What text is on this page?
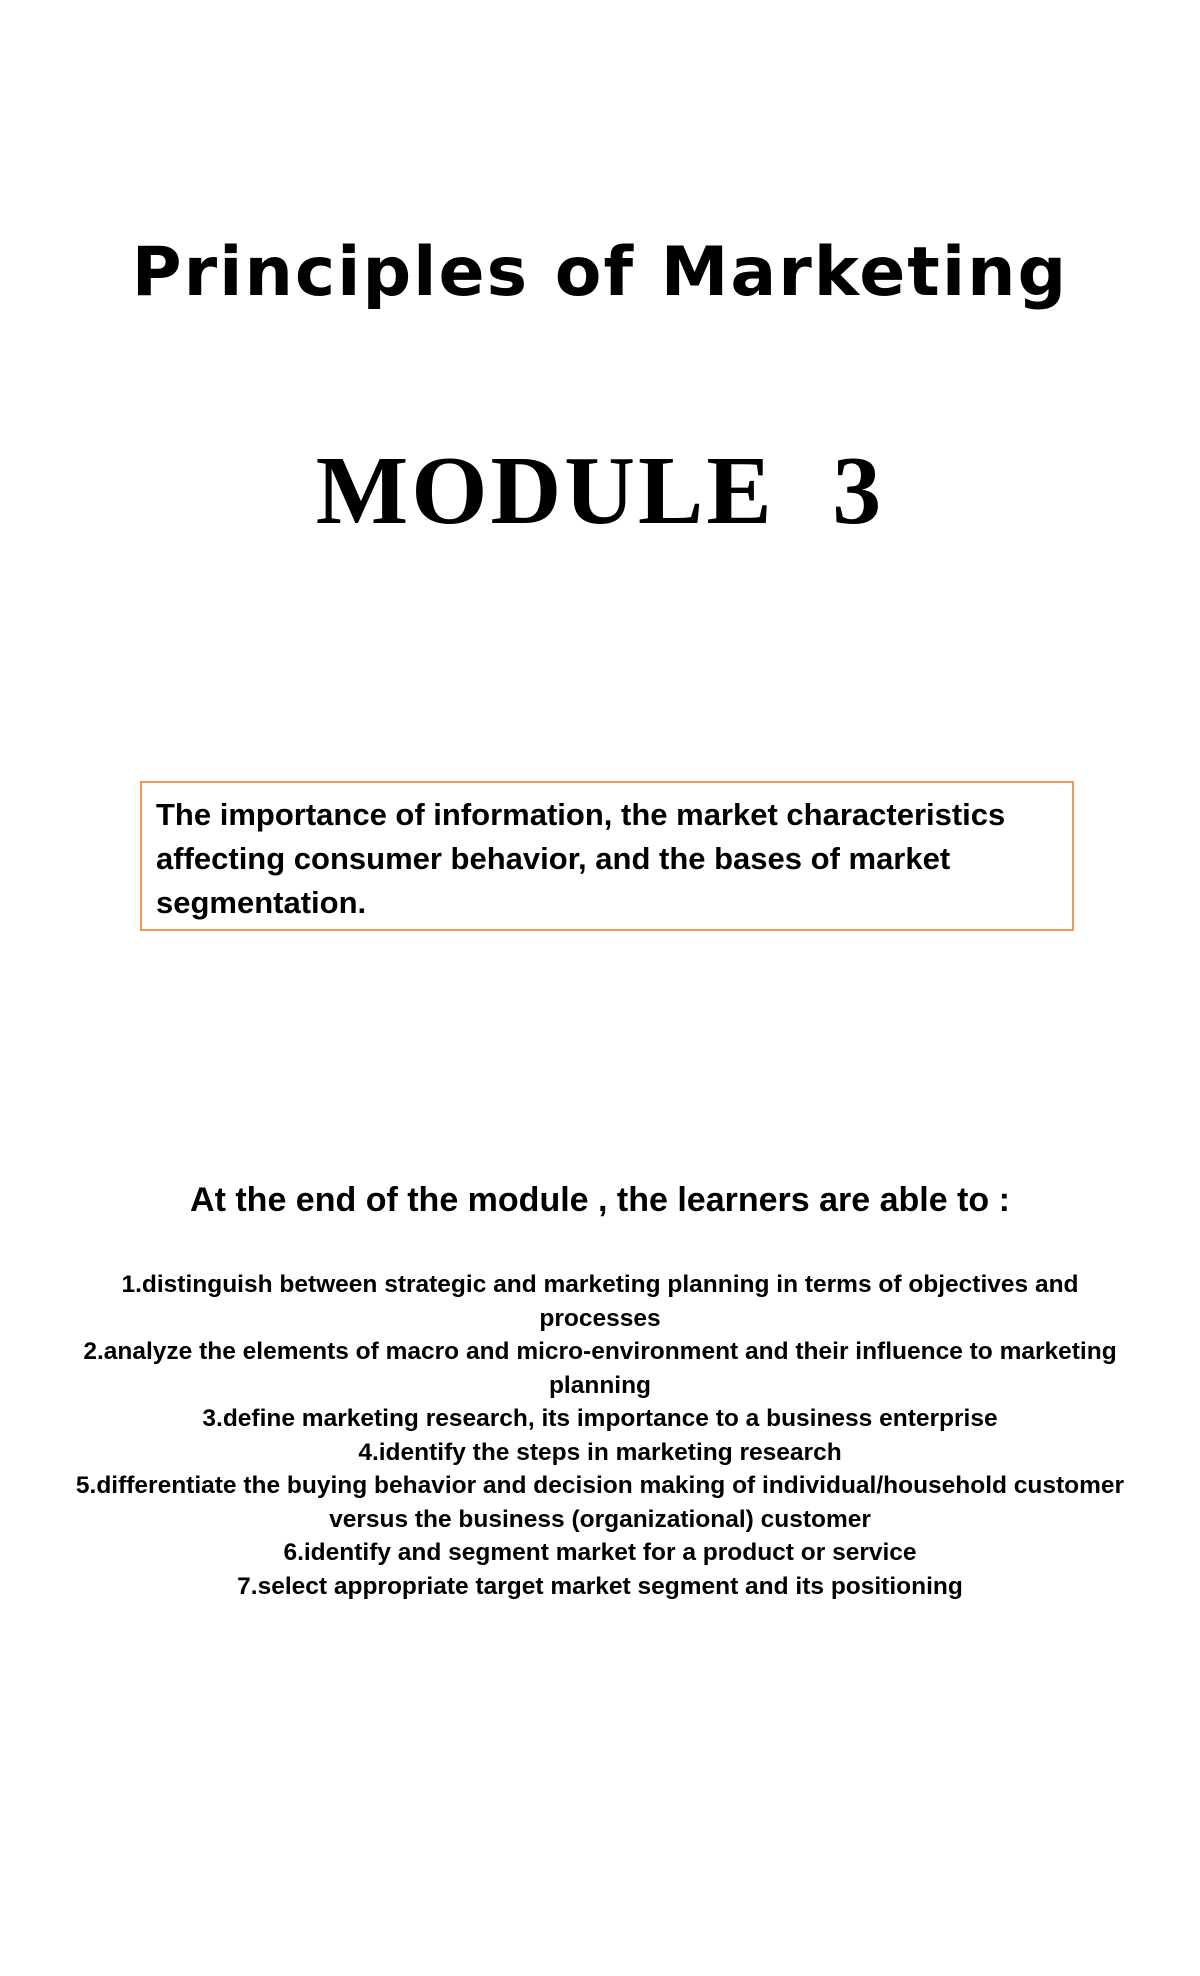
Principles of Marketing
MODULE 3
The importance of information, the market characteristics affecting consumer behavior, and the bases of market segmentation.
At the end of the module , the learners are able to :
1.distinguish between strategic and marketing planning in terms of objectives and processes
2.analyze the elements of macro and micro-environment and their influence to marketing planning
3.define marketing research, its importance to a business enterprise
4.identify the steps in marketing research
5.differentiate the buying behavior and decision making of individual/household customer versus the business (organizational) customer
6.identify and segment market for a product or service
7.select appropriate target market segment and its positioning
